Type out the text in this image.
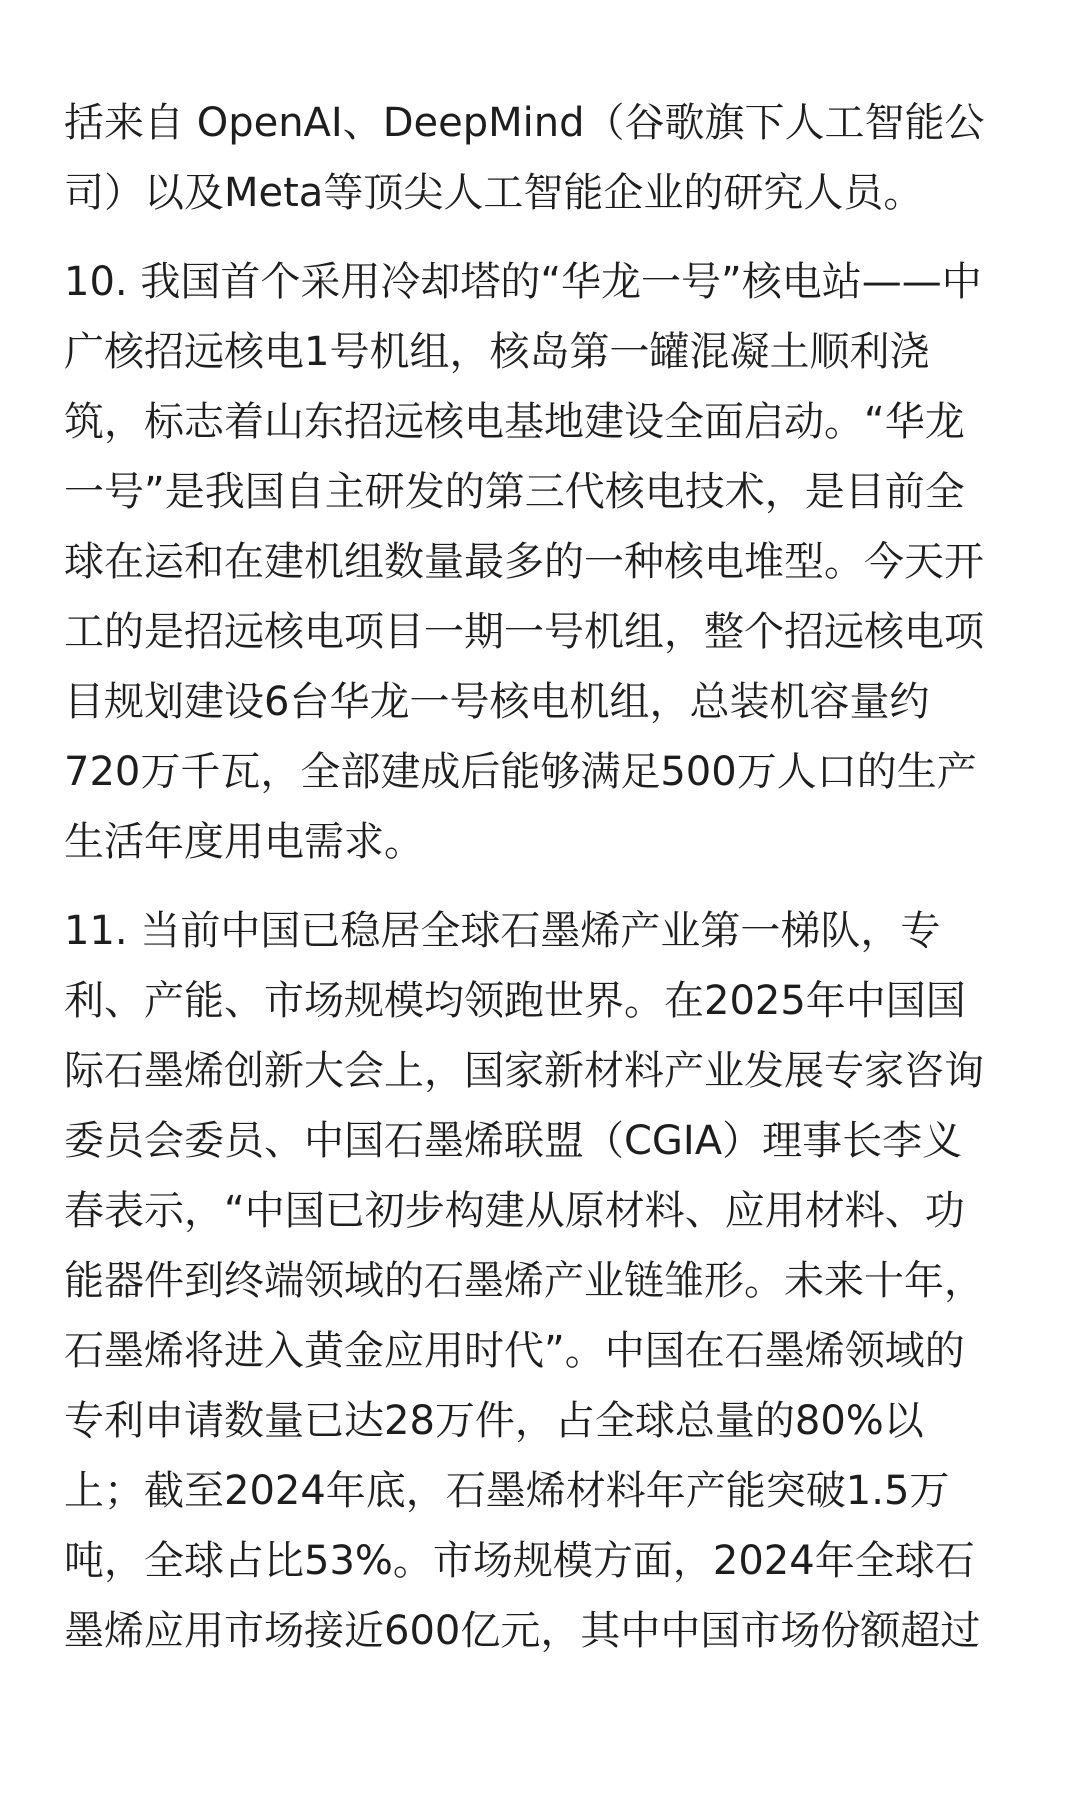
括来自 OpenAI、DeepMind（谷歌旗下人工智能公
司）以及Meta等顶尖人工智能企业的研究人员。
10. 我国首个采用冷却塔的“华龙一号”核电站——中
广核招远核电1号机组，核岛第一罐混凝土顺利浇
筑，标志着山东招远核电基地建设全面启动。“华龙
一号”是我国自主研发的第三代核电技术，是目前全
球在运和在建机组数量最多的一种核电堆型。今天开
工的是招远核电项目一期一号机组，整个招远核电项
目规划建设6台华龙一号核电机组，总装机容量约
720万千瓦，全部建成后能够满足500万人口的生产
生活年度用电需求。
11. 当前中国已稳居全球石墨烯产业第一梯队，专
利、产能、市场规模均领跑世界。在2025年中国国
际石墨烯创新大会上，国家新材料产业发展专家咨询
委员会委员、中国石墨烯联盟（CGIA）理事长李义
春表示，“中国已初步构建从原材料、应用材料、功
能器件到终端领域的石墨烯产业链雏形。未来十年，
石墨烯将进入黄金应用时代”。中国在石墨烯领域的
专利申请数量已达28万件，占全球总量的80%以
上；截至2024年底，石墨烯材料年产能突破1.5万
吨，全球占比53%。市场规模方面，2024年全球石
墨烯应用市场接近600亿元，其中中国市场份额超过
